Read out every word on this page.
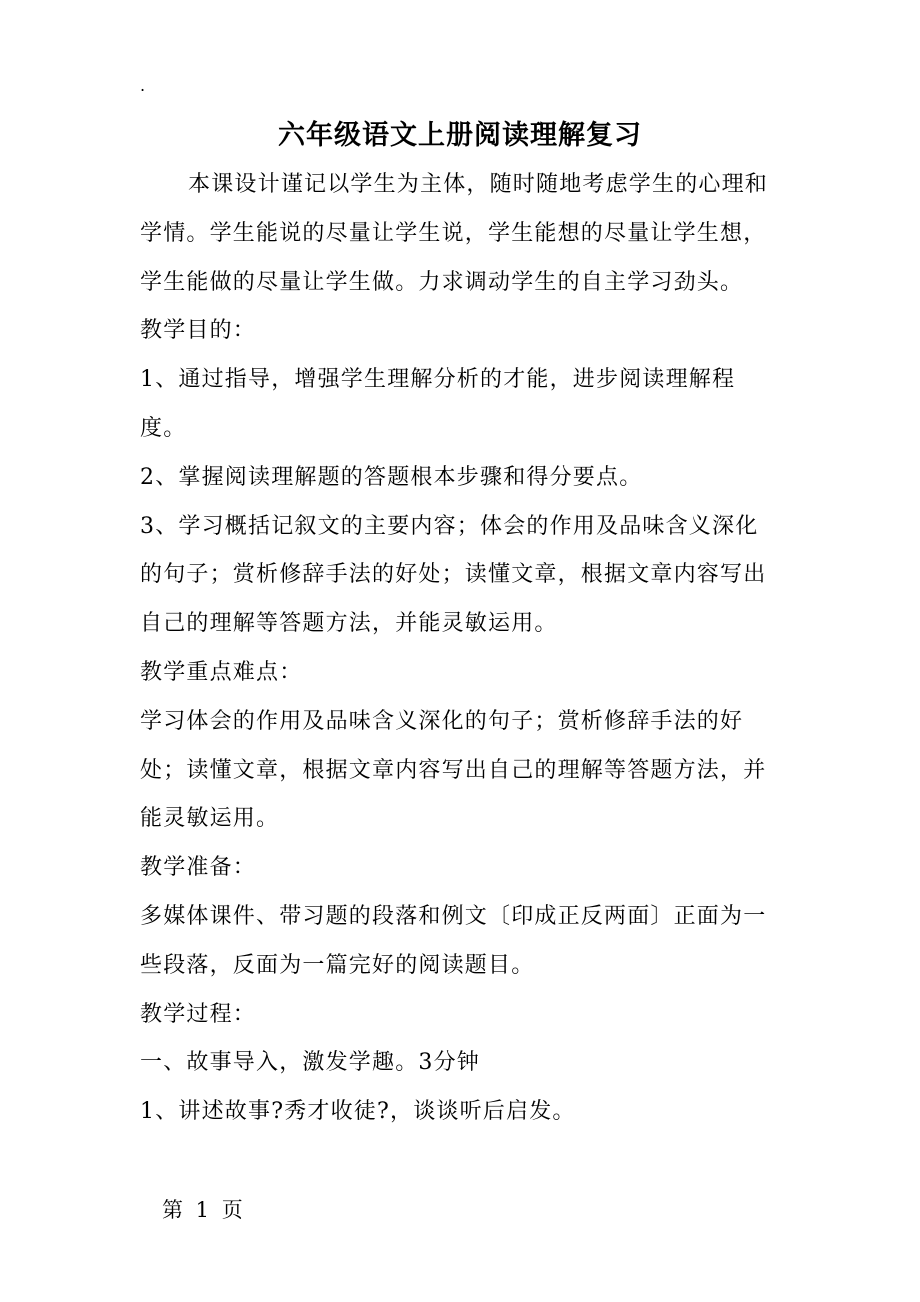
.
六年级语文上册阅读理解复习

本课设计谨记以学生为主体，随时随地考虑学生的心理和学情。学生能说的尽量让学生说，学生能想的尽量让学生想，学生能做的尽量让学生做。力求调动学生的自主学习劲头。

教学目的：

1、通过指导，增强学生理解分析的才能，进步阅读理解程度。

2、掌握阅读理解题的答题根本步骤和得分要点。

3、学习概括记叙文的主要内容；体会的作用及品味含义深化的句子；赏析修辞手法的好处；读懂文章，根据文章内容写出自己的理解等答题方法，并能灵敏运用。

教学重点难点：

学习体会的作用及品味含义深化的句子；赏析修辞手法的好处；读懂文章，根据文章内容写出自己的理解等答题方法，并能灵敏运用。

教学准备：

多媒体课件、带习题的段落和例文〔印成正反两面〕正面为一些段落，反面为一篇完好的阅读题目。

教学过程：

一、故事导入，激发学趣。3分钟

1、讲述故事?秀才收徒?，谈谈听后启发。

第 1 页
